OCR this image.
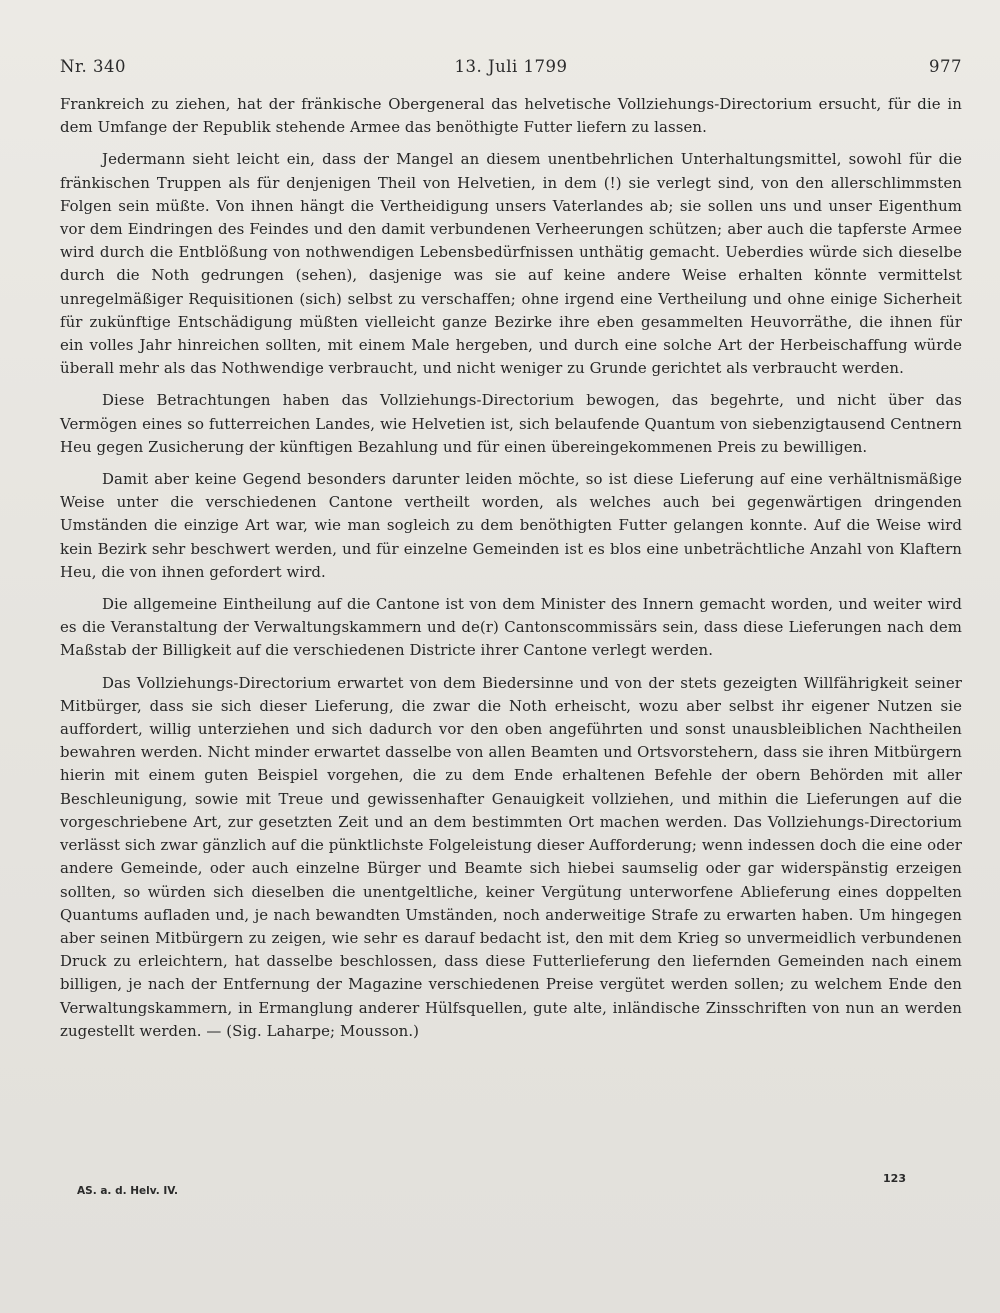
Nr. 340	13. Juli 1799	977

Frankreich zu ziehen, hat der fränkische Obergeneral das helvetische Vollziehungs-Directorium ersucht, für die in dem Umfange der Republik stehende Armee das benöthigte Futter liefern zu lassen.

Jedermann sieht leicht ein, dass der Mangel an diesem unentbehrlichen Unterhaltungsmittel, sowohl für die fränkischen Truppen als für denjenigen Theil von Helvetien, in dem (!) sie verlegt sind, von den allerschlimmsten Folgen sein müßte. Von ihnen hängt die Vertheidigung unsers Vaterlandes ab; sie sollen uns und unser Eigenthum vor dem Eindringen des Feindes und den damit verbundenen Verheerungen schützen; aber auch die tapferste Armee wird durch die Entblößung von nothwendigen Lebensbedürfnissen unthätig gemacht. Ueberdies würde sich dieselbe durch die Noth gedrungen (sehen), dasjenige was sie auf keine andere Weise erhalten könnte vermittelst unregelmäßiger Requisitionen (sich) selbst zu verschaffen; ohne irgend eine Vertheilung und ohne einige Sicherheit für zukünftige Entschädigung müßten vielleicht ganze Bezirke ihre eben gesammelten Heuvorräthe, die ihnen für ein volles Jahr hinreichen sollten, mit einem Male hergeben, und durch eine solche Art der Herbeischaffung würde überall mehr als das Nothwendige verbraucht, und nicht weniger zu Grunde gerichtet als verbraucht werden.

Diese Betrachtungen haben das Vollziehungs-Directorium bewogen, das begehrte, und nicht über das Vermögen eines so futterreichen Landes, wie Helvetien ist, sich belaufende Quantum von siebenzigtausend Centnern Heu gegen Zusicherung der künftigen Bezahlung und für einen übereingekommenen Preis zu bewilligen.

Damit aber keine Gegend besonders darunter leiden möchte, so ist diese Lieferung auf eine verhältnismäßige Weise unter die verschiedenen Cantone vertheilt worden, als welches auch bei gegenwärtigen dringenden Umständen die einzige Art war, wie man sogleich zu dem benöthigten Futter gelangen konnte. Auf die Weise wird kein Bezirk sehr beschwert werden, und für einzelne Gemeinden ist es blos eine unbeträchtliche Anzahl von Klaftern Heu, die von ihnen gefordert wird.

Die allgemeine Eintheilung auf die Cantone ist von dem Minister des Innern gemacht worden, und weiter wird es die Veranstaltung der Verwaltungskammern und de(r) Cantonscommissärs sein, dass diese Lieferungen nach dem Maßstab der Billigkeit auf die verschiedenen Districte ihrer Cantone verlegt werden.

Das Vollziehungs-Directorium erwartet von dem Biedersinne und von der stets gezeigten Willfährigkeit seiner Mitbürger, dass sie sich dieser Lieferung, die zwar die Noth erheischt, wozu aber selbst ihr eigener Nutzen sie auffordert, willig unterziehen und sich dadurch vor den oben angeführten und sonst unausbleiblichen Nachtheilen bewahren werden. Nicht minder erwartet dasselbe von allen Beamten und Ortsvorstehern, dass sie ihren Mitbürgern hierin mit einem guten Beispiel vorgehen, die zu dem Ende erhaltenen Befehle der obern Behörden mit aller Beschleunigung, sowie mit Treue und gewissenhafter Genauigkeit vollziehen, und mithin die Lieferungen auf die vorgeschriebene Art, zur gesetzten Zeit und an dem bestimmten Ort machen werden. Das Vollziehungs-Directorium verlässt sich zwar gänzlich auf die pünktlichste Folgeleistung dieser Aufforderung; wenn indessen doch die eine oder andere Gemeinde, oder auch einzelne Bürger und Beamte sich hiebei saumselig oder gar widerspänstig erzeigen sollten, so würden sich dieselben die unentgeltliche, keiner Vergütung unterworfene Ablieferung eines doppelten Quantums aufladen und, je nach bewandten Umständen, noch anderweitige Strafe zu erwarten haben. Um hingegen aber seinen Mitbürgern zu zeigen, wie sehr es darauf bedacht ist, den mit dem Krieg so unvermeidlich verbundenen Druck zu erleichtern, hat dasselbe beschlossen, dass diese Futterlieferung den liefernden Gemeinden nach einem billigen, je nach der Entfernung der Magazine verschiedenen Preise vergütet werden sollen; zu welchem Ende den Verwaltungskammern, in Ermanglung anderer Hülfsquellen, gute alte, inländische Zinsschriften von nun an werden zugestellt werden. — (Sig. Laharpe; Mousson.)

AS. a. d. Helv. IV.
123
